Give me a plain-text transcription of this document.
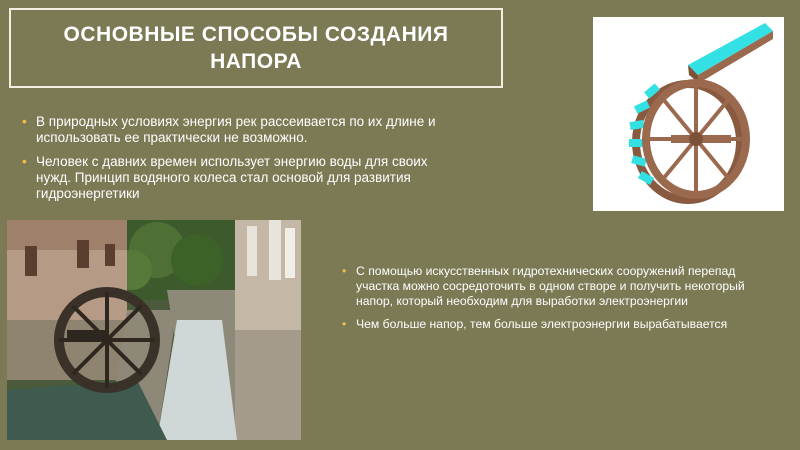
ОСНОВНЫЕ СПОСОБЫ СОЗДАНИЯ НАПОРА
• В природных условиях энергия рек рассеивается по их длине и использовать ее практически не возможно.
• Человек с давних времен использует энергию воды для своих нужд. Принцип водяного колеса стал основой для развития гидроэнергетики
• С помощью искусственных гидротехнических сооружений перепад участка можно сосредоточить в одном створе и получить некоторый напор, который необходим для выработки электроэнергии
• Чем больше напор, тем больше электроэнергии вырабатывается
